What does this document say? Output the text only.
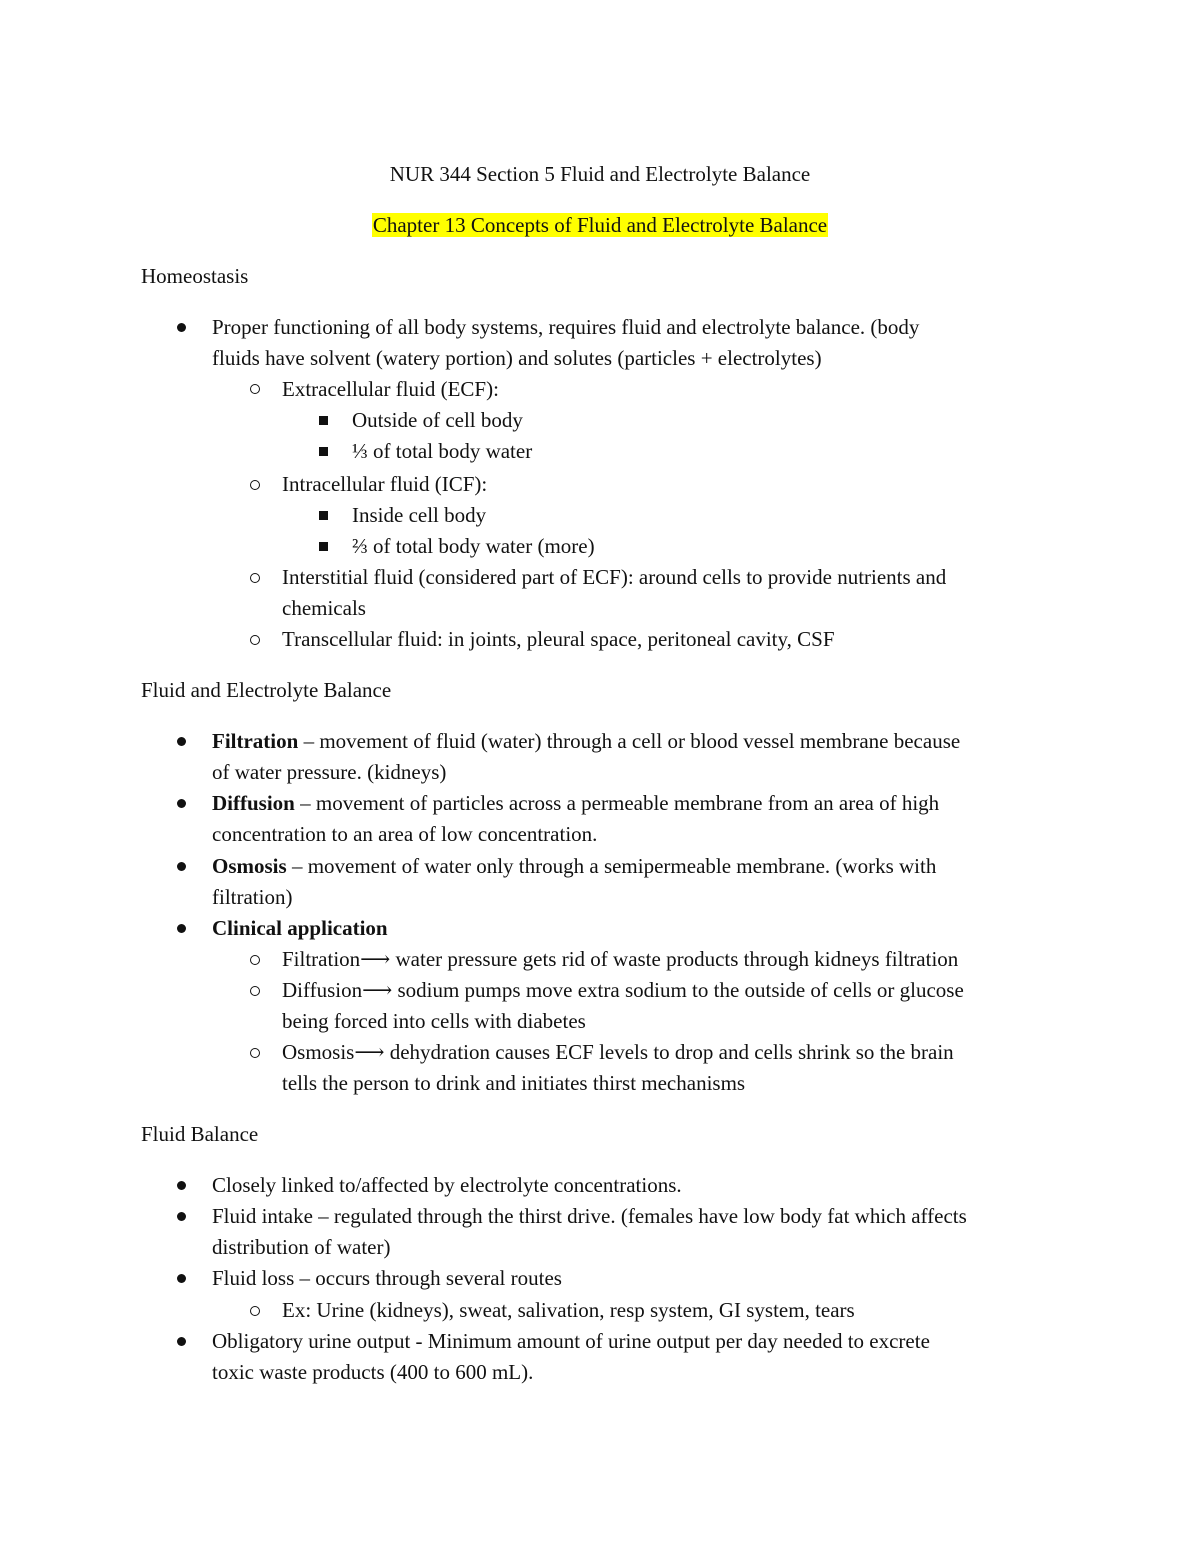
NUR 344 Section 5 Fluid and Electrolyte Balance
Chapter 13 Concepts of Fluid and Electrolyte Balance
Homeostasis
Proper functioning of all body systems, requires fluid and electrolyte balance. (body
fluids have solvent (watery portion) and solutes (particles + electrolytes)
Extracellular fluid (ECF):
Outside of cell body
⅓ of total body water
Intracellular fluid (ICF):
Inside cell body
⅔ of total body water (more)
Interstitial fluid (considered part of ECF): around cells to provide nutrients and
chemicals
Transcellular fluid: in joints, pleural space, peritoneal cavity, CSF
Fluid and Electrolyte Balance
Filtration – movement of fluid (water) through a cell or blood vessel membrane because
of water pressure. (kidneys)
Diffusion – movement of particles across a permeable membrane from an area of high
concentration to an area of low concentration.
Osmosis – movement of water only through a semipermeable membrane. (works with
filtration)
Clinical application
Filtration⟶ water pressure gets rid of waste products through kidneys filtration
Diffusion⟶ sodium pumps move extra sodium to the outside of cells or glucose
being forced into cells with diabetes
Osmosis⟶ dehydration causes ECF levels to drop and cells shrink so the brain
tells the person to drink and initiates thirst mechanisms
Fluid Balance
Closely linked to/affected by electrolyte concentrations.
Fluid intake – regulated through the thirst drive. (females have low body fat which affects
distribution of water)
Fluid loss – occurs through several routes
Ex: Urine (kidneys), sweat, salivation, resp system, GI system, tears
Obligatory urine output - Minimum amount of urine output per day needed to excrete
toxic waste products (400 to 600 mL).
